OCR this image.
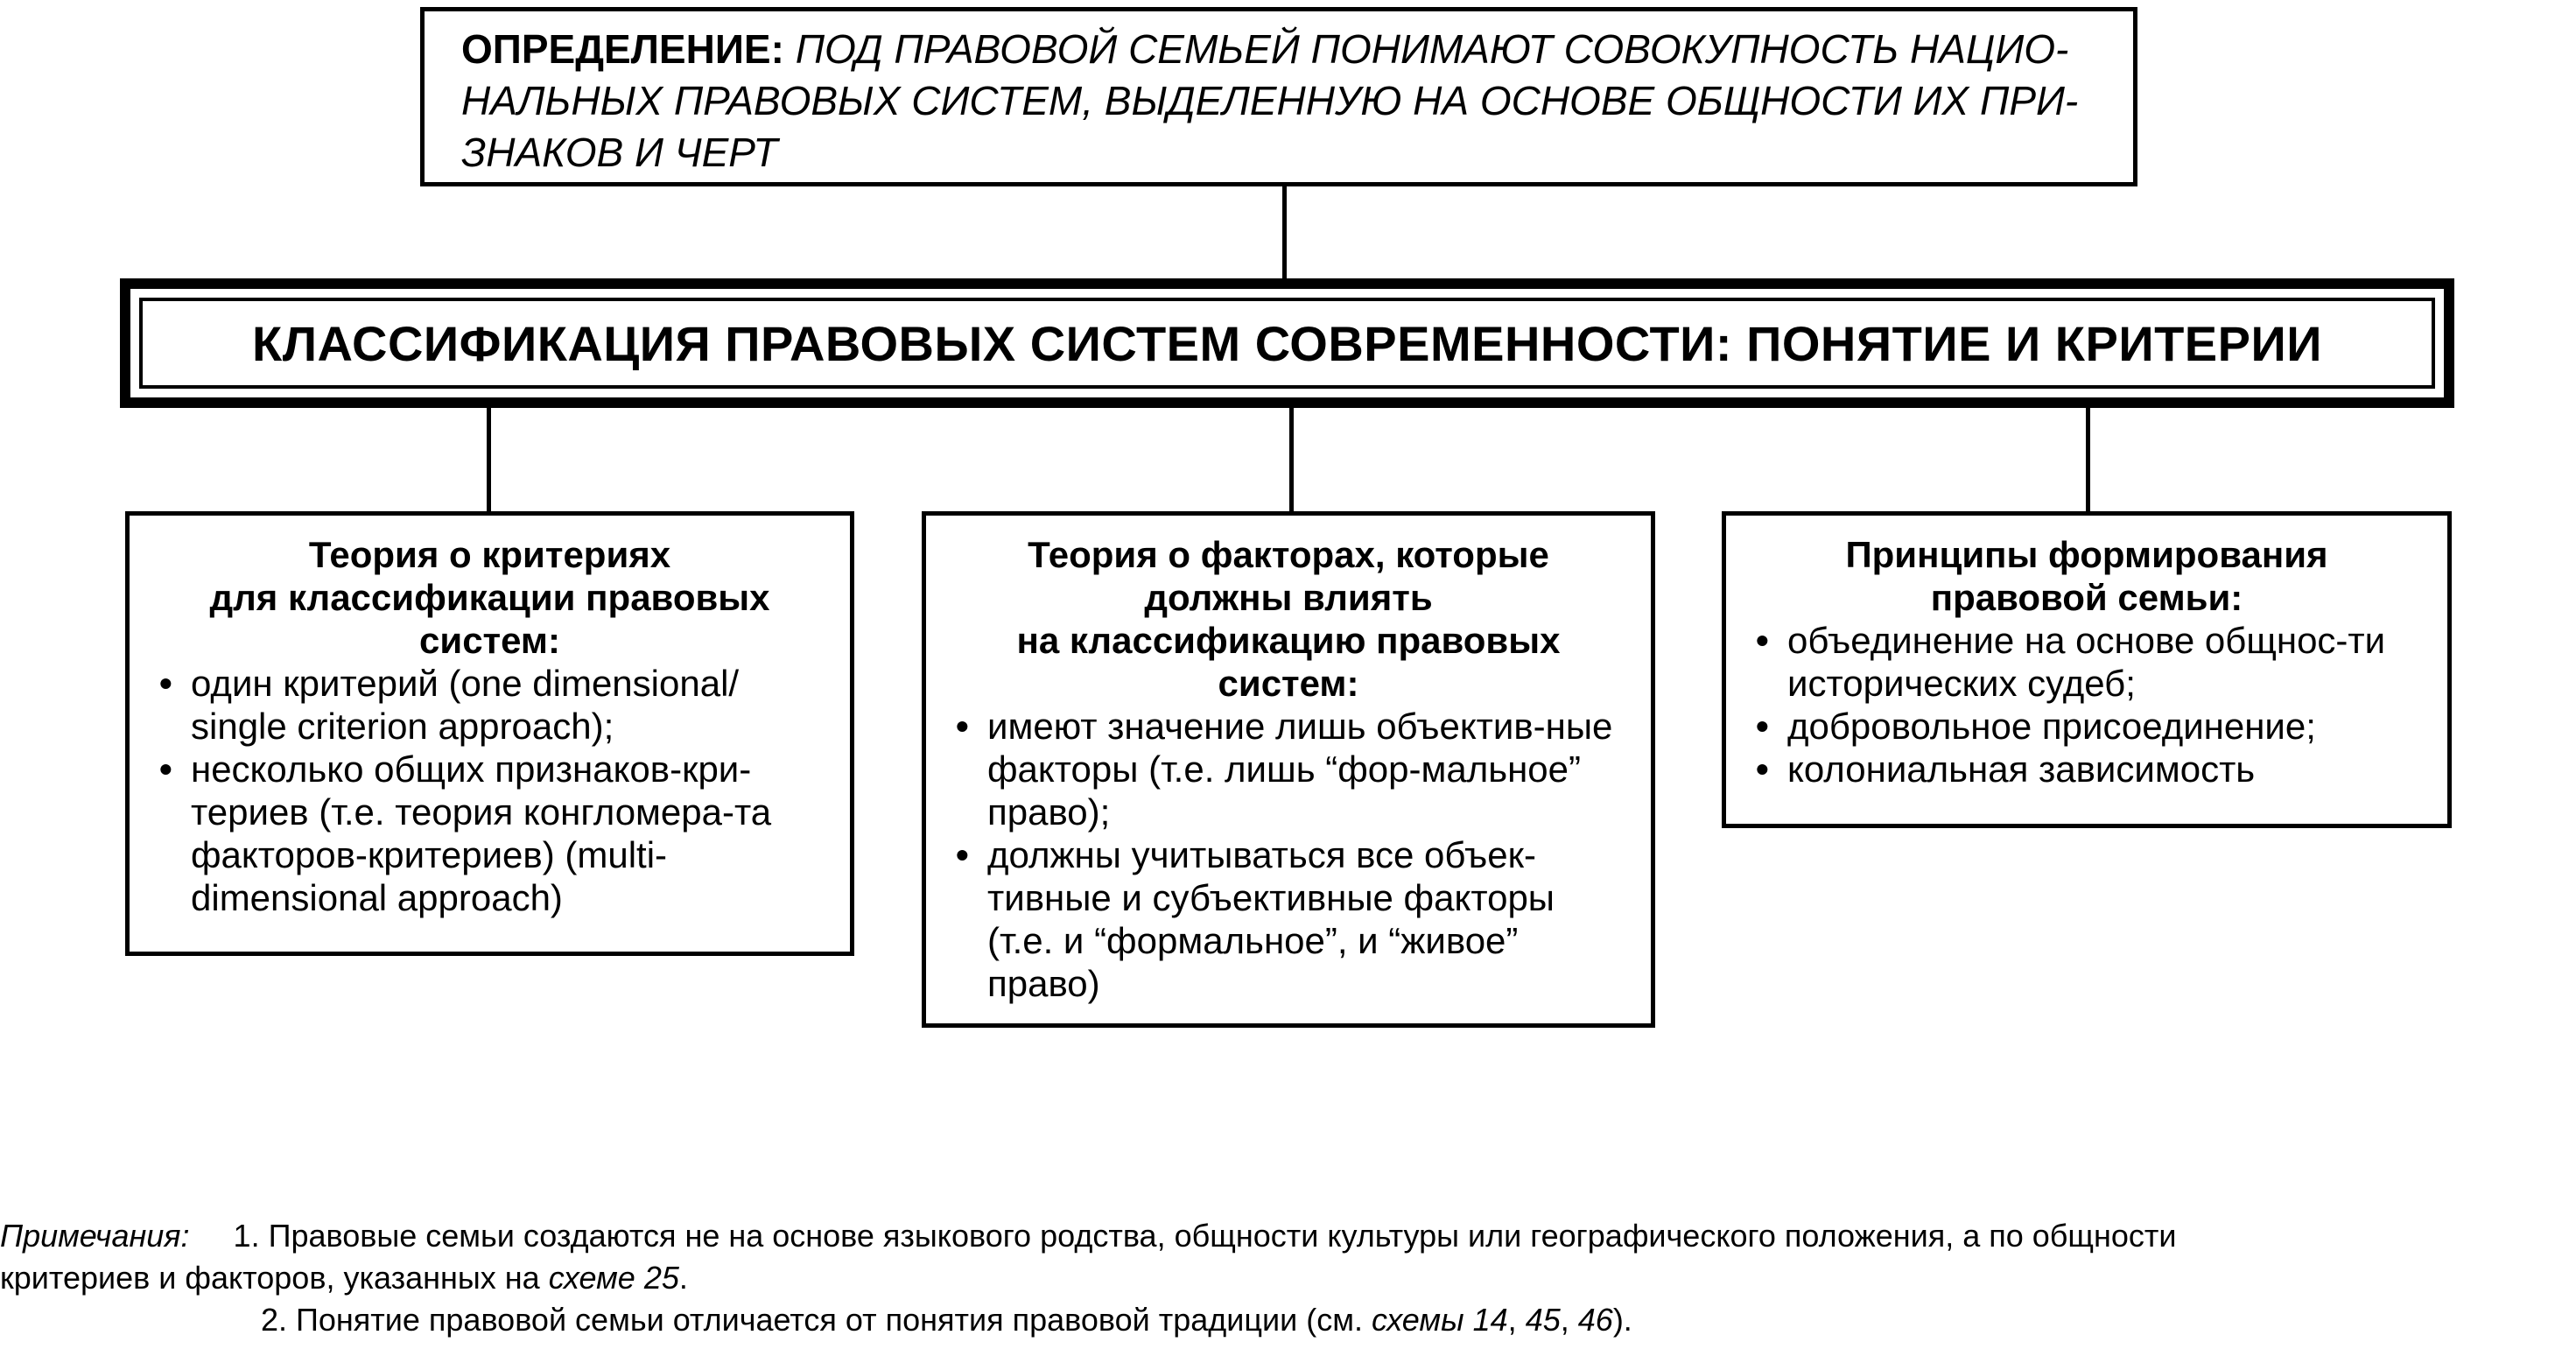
ОПРЕДЕЛЕНИЕ: ПОД ПРАВОВОЙ СЕМЬЕЙ ПОНИМАЮТ СОВОКУПНОСТЬ НАЦИО-
НАЛЬНЫХ ПРАВОВЫХ СИСТЕМ, ВЫДЕЛЕННУЮ НА ОСНОВЕ ОБЩНОСТИ ИХ ПРИ-
ЗНАКОВ И ЧЕРТ
КЛАССИФИКАЦИЯ ПРАВОВЫХ СИСТЕМ СОВРЕМЕННОСТИ: ПОНЯТИЕ И КРИТЕРИИ
Теория о критериях
для классификации правовых
систем:
• один критерий (one dimensional/ single criterion approach);
• несколько общих признаков-кри-териев (т.е. теория конгломера-та факторов-критериев) (multi-dimensional approach)
Теория о факторах, которые
должны влиять
на классификацию правовых
систем:
• имеют значение лишь объектив-ные факторы (т.е. лишь “фор-мальное” право);
• должны учитываться все объек-тивные и субъективные факторы (т.е. и “формальное”, и “живое” право)
Принципы формирования
правовой семьи:
• объединение на основе общнос-ти исторических судеб;
• добровольное присоединение;
• колониальная зависимость
Примечания: 1. Правовые семьи создаются не на основе языкового родства, общности культуры или географического положения, а по общности
критериев и факторов, указанных на схеме 25.
2. Понятие правовой семьи отличается от понятия правовой традиции (см. схемы 14, 45, 46).
